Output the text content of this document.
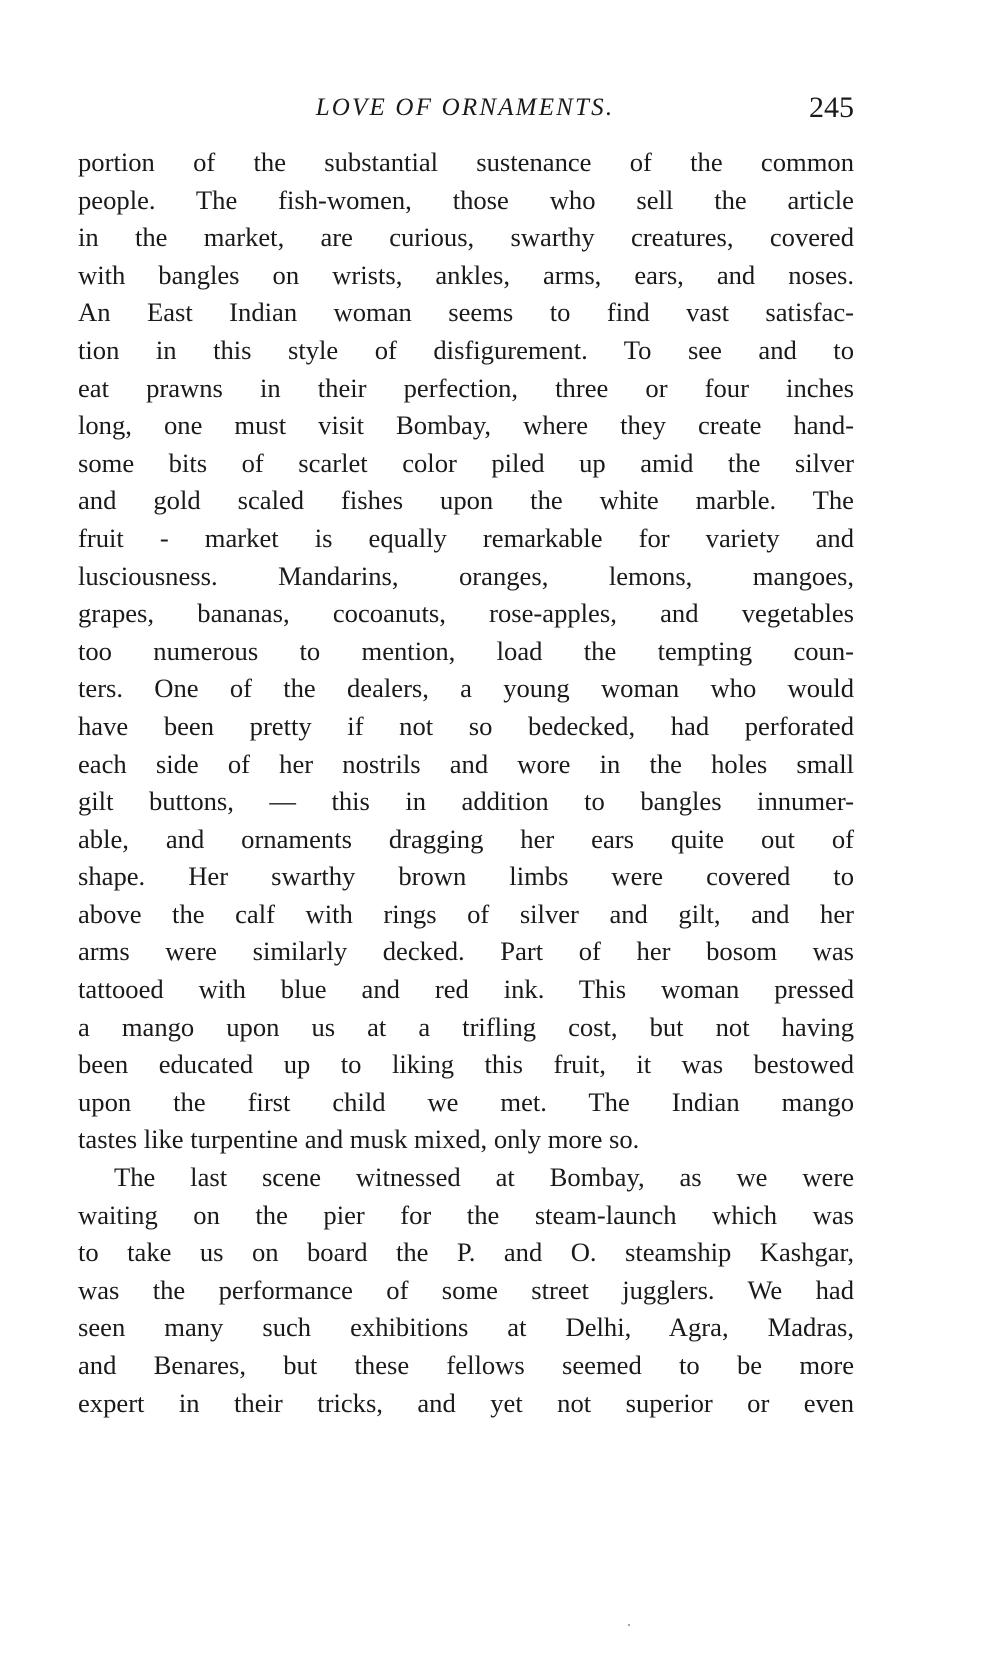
LOVE OF ORNAMENTS.	245
portion of the substantial sustenance of the common
people. The fish-women, those who sell the article
in the market, are curious, swarthy creatures, covered
with bangles on wrists, ankles, arms, ears, and noses.
An East Indian woman seems to find vast satisfac-
tion in this style of disfigurement. To see and to
eat prawns in their perfection, three or four inches
long, one must visit Bombay, where they create hand-
some bits of scarlet color piled up amid the silver
and gold scaled fishes upon the white marble. The
fruit - market is equally remarkable for variety and
lusciousness. Mandarins, oranges, lemons, mangoes,
grapes, bananas, cocoanuts, rose-apples, and vegetables
too numerous to mention, load the tempting coun-
ters. One of the dealers, a young woman who would
have been pretty if not so bedecked, had perforated
each side of her nostrils and wore in the holes small
gilt buttons, — this in addition to bangles innumer-
able, and ornaments dragging her ears quite out of
shape. Her swarthy brown limbs were covered to
above the calf with rings of silver and gilt, and her
arms were similarly decked. Part of her bosom was
tattooed with blue and red ink. This woman pressed
a mango upon us at a trifling cost, but not having
been educated up to liking this fruit, it was bestowed
upon the first child we met. The Indian mango
tastes like turpentine and musk mixed, only more so.
The last scene witnessed at Bombay, as we were
waiting on the pier for the steam-launch which was
to take us on board the P. and O. steamship Kashgar,
was the performance of some street jugglers. We had
seen many such exhibitions at Delhi, Agra, Madras,
and Benares, but these fellows seemed to be more
expert in their tricks, and yet not superior or even
